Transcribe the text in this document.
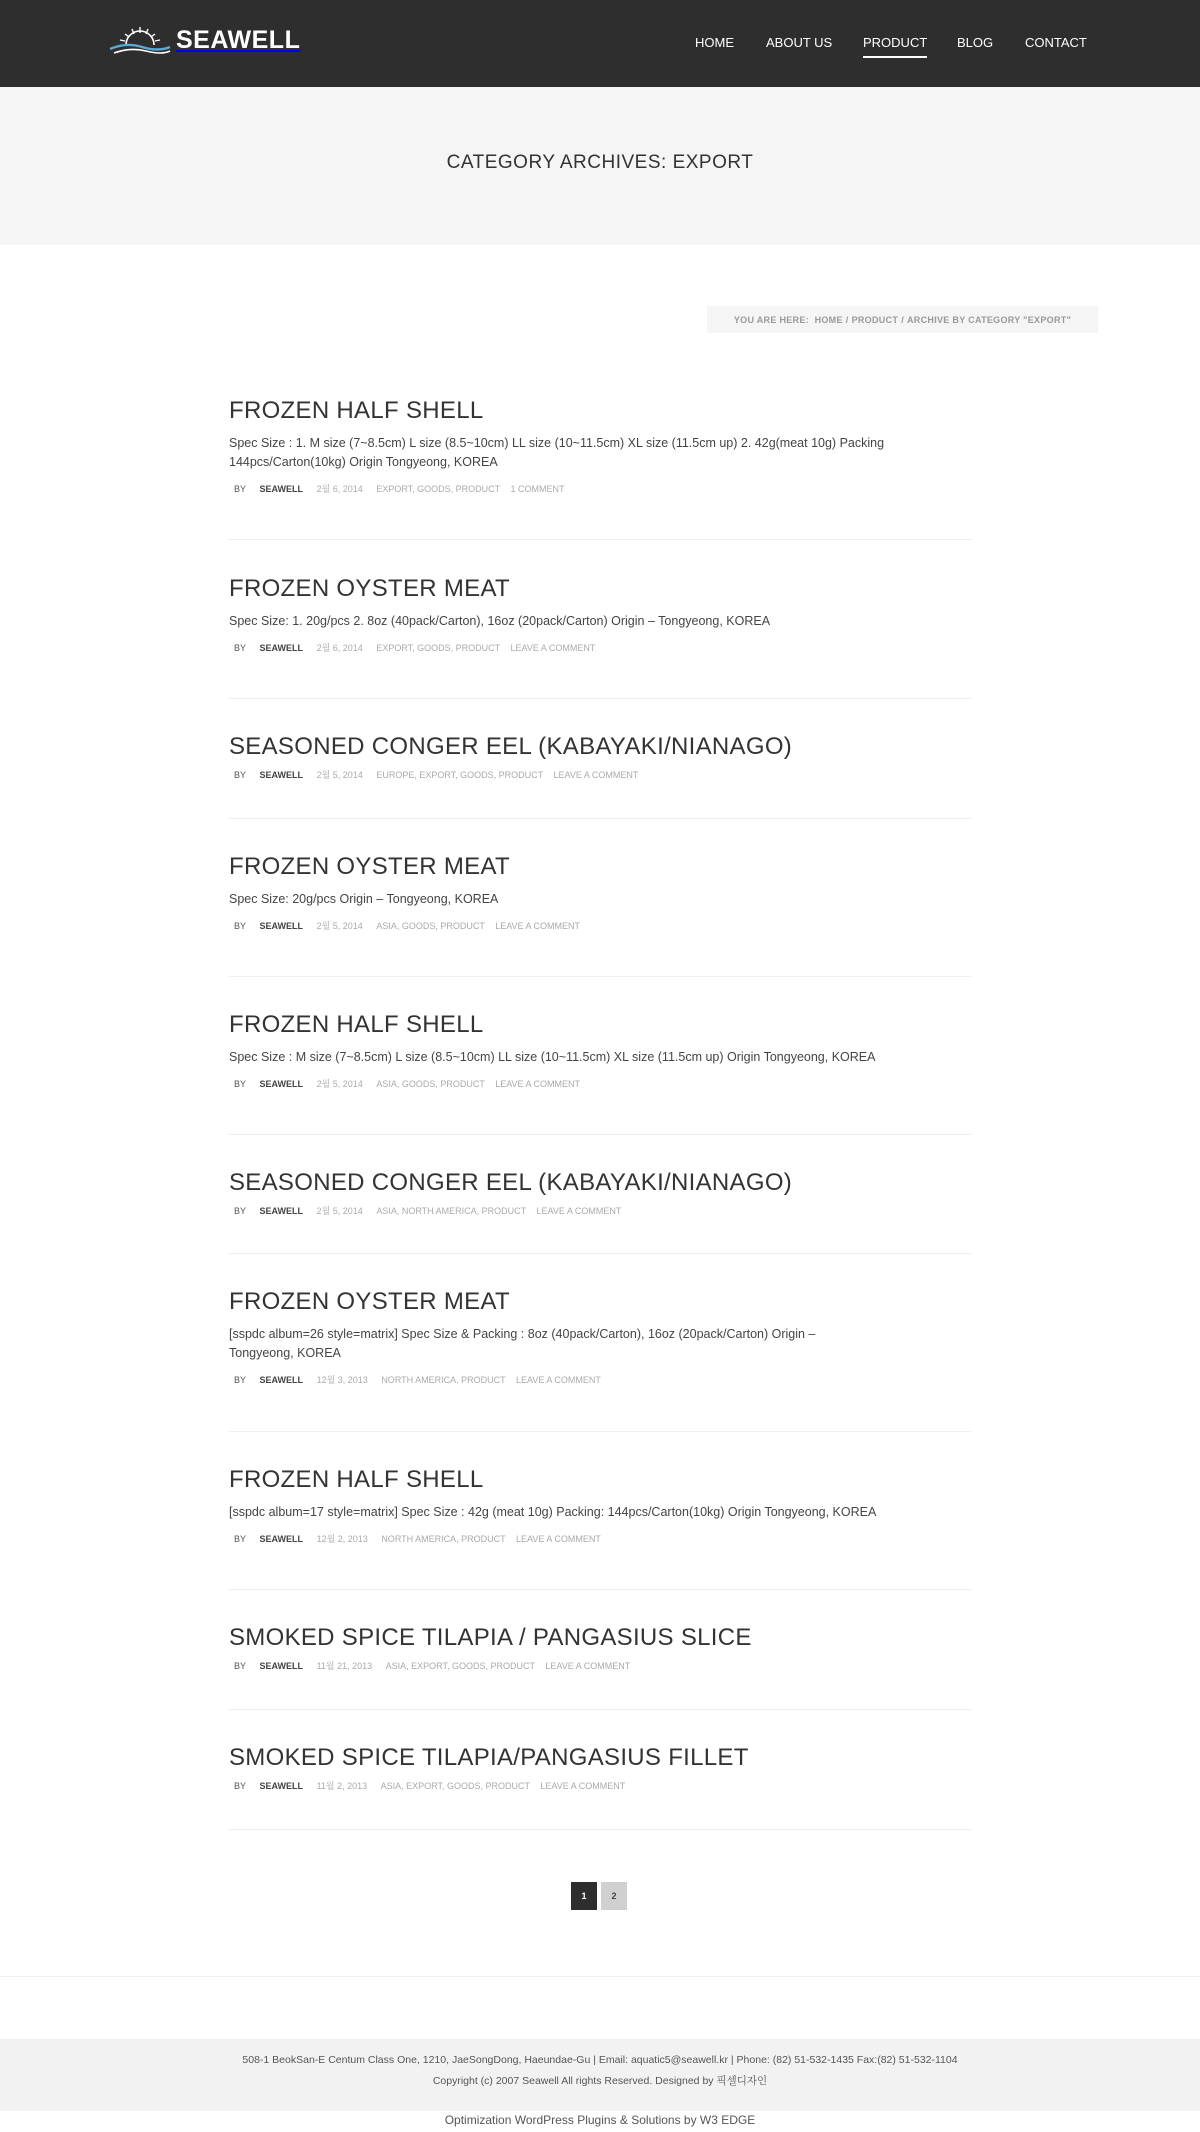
SEAWELL	HOME ABOUT US PRODUCT BLOG CONTACT
CATEGORY ARCHIVES: EXPORT
YOU ARE HERE:
HOME / PRODUCT / ARCHIVE BY CATEGORY "EXPORT"
FROZEN HALF SHELL

Spec Size : 1. M size (7~8.5cm) L size (8.5~10cm) LL size (10~11.5cm) XL size (11.5cm up) 2. 42g(meat 10g) Packing 144pcs/Carton(10kg) Origin Tongyeong, KOREA

BY SEAWELL 2월 6, 2014 EXPORT, GOODS, PRODUCT 1 COMMENT
FROZEN OYSTER MEAT

Spec Size: 1. 20g/pcs 2. 8oz (40pack/Carton), 16oz (20pack/Carton) Origin – Tongyeong, KOREA

BY SEAWELL 2월 6, 2014 EXPORT, GOODS, PRODUCT LEAVE A COMMENT
SEASONED CONGER EEL (KABAYAKI/NIANAGO)
BY SEAWELL 2월 5, 2014 EUROPE, EXPORT, GOODS, PRODUCT LEAVE A COMMENT
FROZEN OYSTER MEAT

Spec Size: 20g/pcs Origin – Tongyeong, KOREA

BY SEAWELL 2월 5, 2014 ASIA, GOODS, PRODUCT LEAVE A COMMENT
FROZEN HALF SHELL

Spec Size : M size (7~8.5cm) L size (8.5~10cm) LL size (10~11.5cm) XL size (11.5cm up) Origin Tongyeong, KOREA

BY SEAWELL 2월 5, 2014 ASIA, GOODS, PRODUCT LEAVE A COMMENT
SEASONED CONGER EEL (KABAYAKI/NIANAGO)
BY SEAWELL 2월 5, 2014 ASIA, NORTH AMERICA, PRODUCT LEAVE A COMMENT
FROZEN OYSTER MEAT

[sspdc album=26 style=matrix] Spec Size & Packing : 8oz (40pack/Carton), 16oz (20pack/Carton) Origin – Tongyeong, KOREA

BY SEAWELL 12월 3, 2013 NORTH AMERICA, PRODUCT LEAVE A COMMENT
FROZEN HALF SHELL

[sspdc album=17 style=matrix] Spec Size : 42g (meat 10g) Packing: 144pcs/Carton(10kg) Origin Tongyeong, KOREA

BY SEAWELL 12월 2, 2013 NORTH AMERICA, PRODUCT LEAVE A COMMENT
SMOKED SPICE TILAPIA / PANGASIUS SLICE
BY SEAWELL 11월 21, 2013 ASIA, EXPORT, GOODS, PRODUCT LEAVE A COMMENT
SMOKED SPICE TILAPIA/PANGASIUS FILLET
BY SEAWELL 11월 2, 2013 ASIA, EXPORT, GOODS, PRODUCT LEAVE A COMMENT
1	2
508-1 BeokSan-E Centum Class One, 1210, JaeSongDong, Haeundae-Gu | Email: aquatic5@seawell.kr | Phone: (82) 51-532-1435 Fax:(82) 51-532-1104
Copyright (c) 2007 Seawell All rights Reserved. Designed by 픽셀디자인
Optimization WordPress Plugins & Solutions by W3 EDGE
